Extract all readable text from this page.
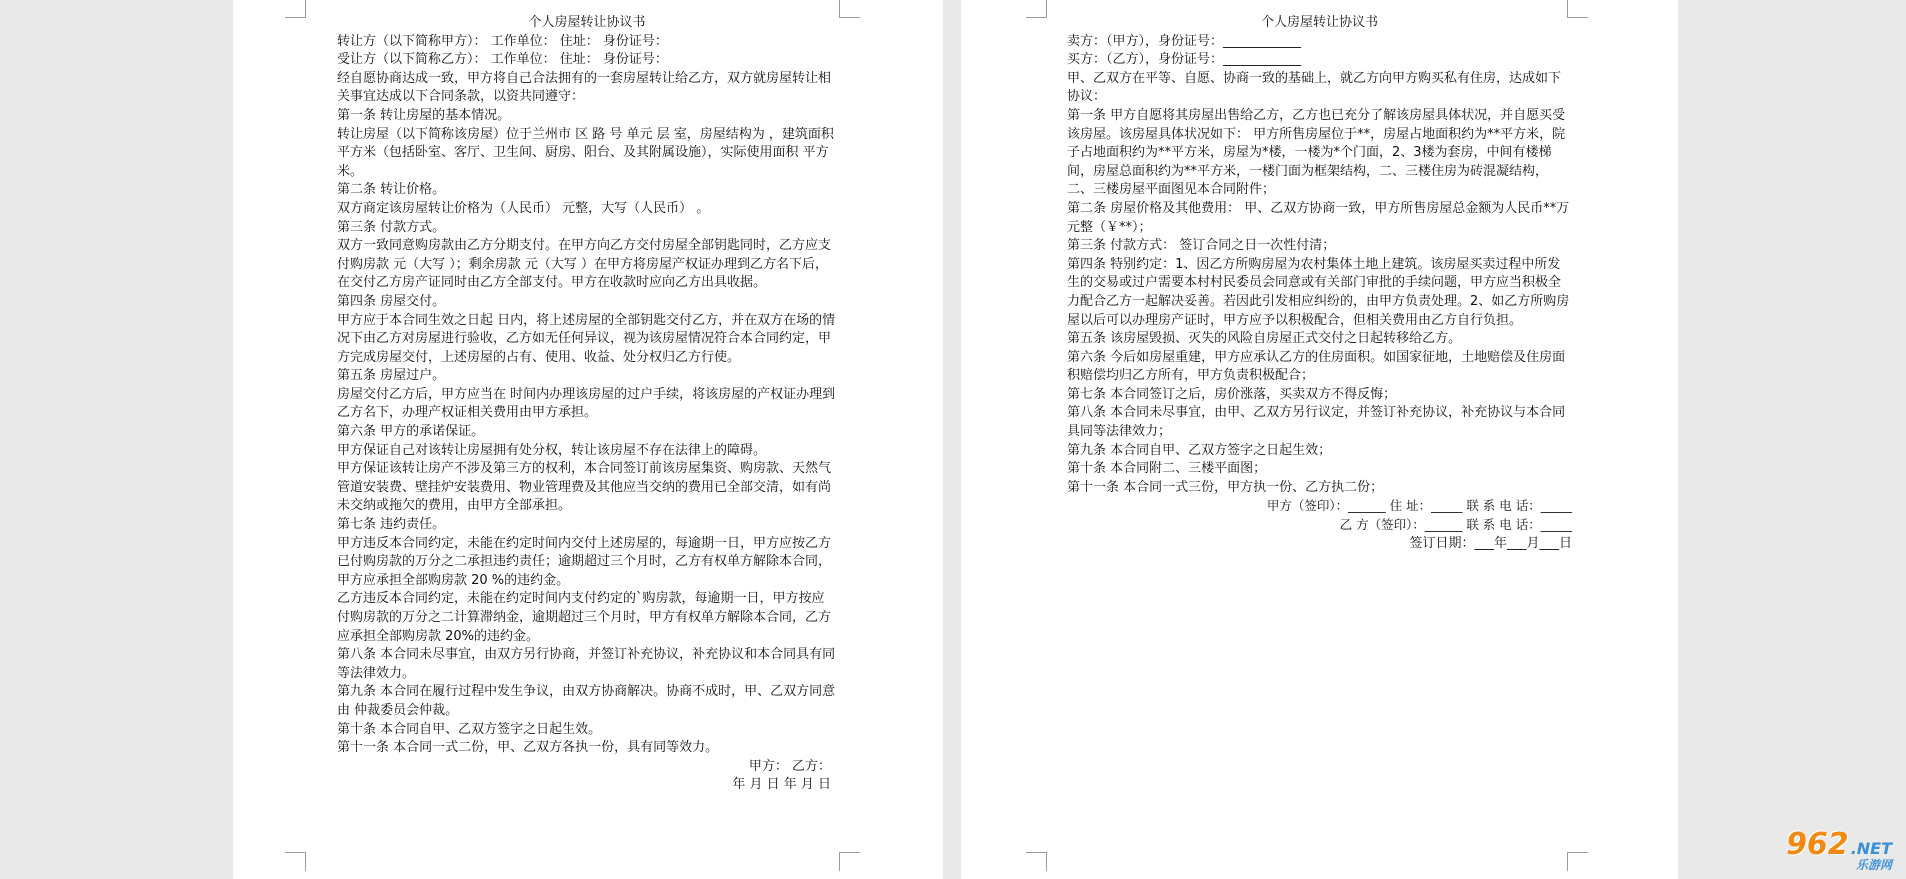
个人房屋转让协议书
转让方（以下简称甲方）： 工作单位： 住址： 身份证号：
受让方（以下简称乙方）： 工作单位： 住址： 身份证号：
经自愿协商达成一致，甲方将自己合法拥有的一套房屋转让给乙方，双方就房屋转让相关事宜达成以下合同条款，以资共同遵守：
第一条 转让房屋的基本情况。
转让房屋（以下简称该房屋）位于兰州市 区 路 号 单元 层 室，房屋结构为 ，建筑面积 平方米（包括卧室、客厅、卫生间、厨房、阳台、及其附属设施），实际使用面积 平方米。
第二条 转让价格。
双方商定该房屋转让价格为（人民币） 元整，大写（人民币） 。
第三条 付款方式。
双方一致同意购房款由乙方分期支付。在甲方向乙方交付房屋全部钥匙同时，乙方应支付购房款 元（大写 ）；剩余房款 元（大写 ）在甲方将房屋产权证办理到乙方名下后，在交付乙方房产证同时由乙方全部支付。甲方在收款时应向乙方出具收据。
第四条 房屋交付。
甲方应于本合同生效之日起 日内，将上述房屋的全部钥匙交付乙方，并在双方在场的情况下由乙方对房屋进行验收，乙方如无任何异议，视为该房屋情况符合本合同约定，甲方完成房屋交付，上述房屋的占有、使用、收益、处分权归乙方行使。
第五条 房屋过户。
房屋交付乙方后，甲方应当在 时间内办理该房屋的过户手续，将该房屋的产权证办理到乙方名下，办理产权证相关费用由甲方承担。
第六条 甲方的承诺保证。
甲方保证自己对该转让房屋拥有处分权，转让该房屋不存在法律上的障碍。
甲方保证该转让房产不涉及第三方的权利，本合同签订前该房屋集资、购房款、天然气管道安装费、壁挂炉安装费用、物业管理费及其他应当交纳的费用已全部交清，如有尚未交纳或拖欠的费用，由甲方全部承担。
第七条 违约责任。
甲方违反本合同约定，未能在约定时间内交付上述房屋的，每逾期一日，甲方应按乙方已付购房款的万分之二承担违约责任；逾期超过三个月时，乙方有权单方解除本合同，甲方应承担全部购房款 20 %的违约金。
乙方违反本合同约定，未能在约定时间内支付约定的`购房款，每逾期一日，甲方按应付购房款的万分之二计算滞纳金，逾期超过三个月时，甲方有权单方解除本合同，乙方应承担全部购房款 20%的违约金。
第八条 本合同未尽事宜，由双方另行协商，并签订补充协议，补充协议和本合同具有同等法律效力。
第九条 本合同在履行过程中发生争议，由双方协商解决。协商不成时，甲、乙双方同意由 仲裁委员会仲裁。
第十条 本合同自甲、乙双方签字之日起生效。
第十一条 本合同一式二份，甲、乙双方各执一份，具有同等效力。
甲方： 乙方：
年 月 日 年 月 日
个人房屋转让协议书
卖方：（甲方），身份证号：____________
买方：（乙方），身份证号：____________
甲、乙双方在平等、自愿、协商一致的基础上，就乙方向甲方购买私有住房，达成如下协议：
第一条 甲方自愿将其房屋出售给乙方，乙方也已充分了解该房屋具体状况，并自愿买受该房屋。该房屋具体状况如下： 甲方所售房屋位于**，房屋占地面积约为**平方米，院子占地面积约为**平方米，房屋为*楼，一楼为*个门面，2、3楼为套房，中间有楼梯间，房屋总面积约为**平方米，一楼门面为框架结构，二、三楼住房为砖混凝结构，二、三楼房屋平面图见本合同附件；
第二条 房屋价格及其他费用： 甲、乙双方协商一致，甲方所售房屋总金额为人民币**万元整（￥**）；
第三条 付款方式： 签订合同之日一次性付清；
第四条 特别约定：1、因乙方所购房屋为农村集体土地上建筑。该房屋买卖过程中所发生的交易或过户需要本村村民委员会同意或有关部门审批的手续问题，甲方应当积极全力配合乙方一起解决妥善。若因此引发相应纠纷的，由甲方负责处理。2、如乙方所购房屋以后可以办理房产证时，甲方应予以积极配合，但相关费用由乙方自行负担。
第五条 该房屋毁损、灭失的风险自房屋正式交付之日起转移给乙方。
第六条 今后如房屋重建，甲方应承认乙方的住房面积。如国家征地，土地赔偿及住房面积赔偿均归乙方所有，甲方负责积极配合；
第七条 本合同签订之后，房价涨落，买卖双方不得反悔；
第八条 本合同未尽事宜，由甲、乙双方另行议定，并签订补充协议，补充协议与本合同具同等法律效力；
第九条 本合同自甲、乙双方签字之日起生效；
第十条 本合同附二、三楼平面图；
第十一条 本合同一式三份，甲方执一份、乙方执二份；
甲方（签印）：______ 住 址：_____ 联 系 电 话：_____
乙 方（签印）：______ 联 系 电 话：_____
签订日期：___年___月___日
962 .NET
乐游网
